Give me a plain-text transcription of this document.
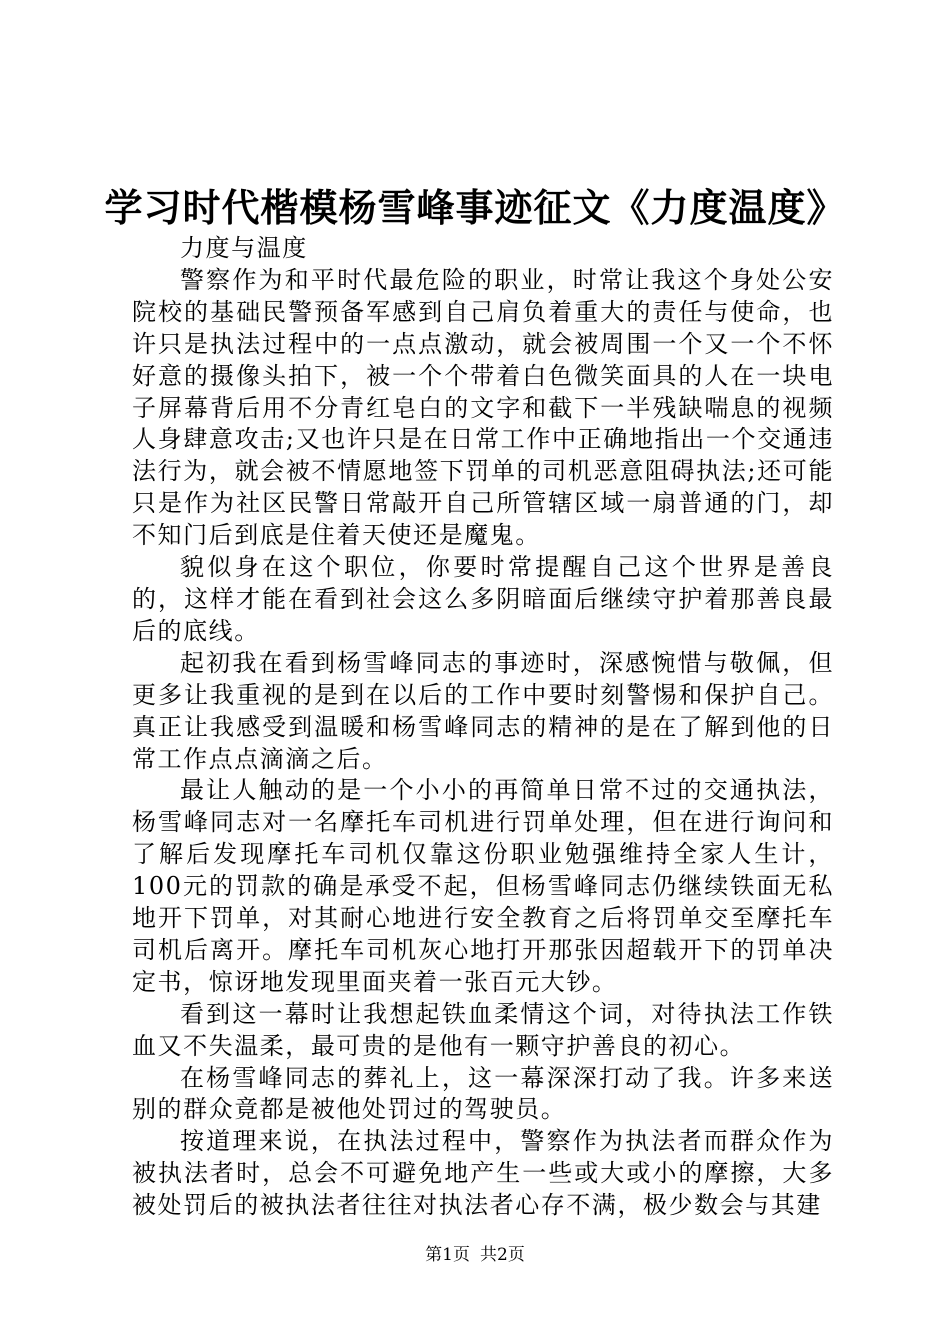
学习时代楷模杨雪峰事迹征文《力度温度》

力度与温度

警察作为和平时代最危险的职业，时常让我这个身处公安院校的基础民警预备军感到自己肩负着重大的责任与使命，也许只是执法过程中的一点点激动，就会被周围一个又一个不怀好意的摄像头拍下，被一个个带着白色微笑面具的人在一块电子屏幕背后用不分青红皂白的文字和截下一半残缺喘息的视频人身肆意攻击;又也许只是在日常工作中正确地指出一个交通违法行为，就会被不情愿地签下罚单的司机恶意阻碍执法;还可能只是作为社区民警日常敲开自己所管辖区域一扇普通的门，却不知门后到底是住着天使还是魔鬼。

貌似身在这个职位，你要时常提醒自己这个世界是善良的，这样才能在看到社会这么多阴暗面后继续守护着那善良最后的底线。

起初我在看到杨雪峰同志的事迹时，深感惋惜与敬佩，但更多让我重视的是到在以后的工作中要时刻警惕和保护自己。真正让我感受到温暖和杨雪峰同志的精神的是在了解到他的日常工作点点滴滴之后。

最让人触动的是一个小小的再简单日常不过的交通执法，杨雪峰同志对一名摩托车司机进行罚单处理，但在进行询问和了解后发现摩托车司机仅靠这份职业勉强维持全家人生计，100元的罚款的确是承受不起，但杨雪峰同志仍继续铁面无私地开下罚单，对其耐心地进行安全教育之后将罚单交至摩托车司机后离开。摩托车司机灰心地打开那张因超载开下的罚单决定书，惊讶地发现里面夹着一张百元大钞。

看到这一幕时让我想起铁血柔情这个词，对待执法工作铁血又不失温柔，最可贵的是他有一颗守护善良的初心。

在杨雪峰同志的葬礼上，这一幕深深打动了我。许多来送别的群众竟都是被他处罚过的驾驶员。

按道理来说，在执法过程中，警察作为执法者而群众作为被执法者时，总会不可避免地产生一些或大或小的摩擦，大多被处罚后的被执法者往往对执法者心存不满，极少数会与其建

第1页 共2页
